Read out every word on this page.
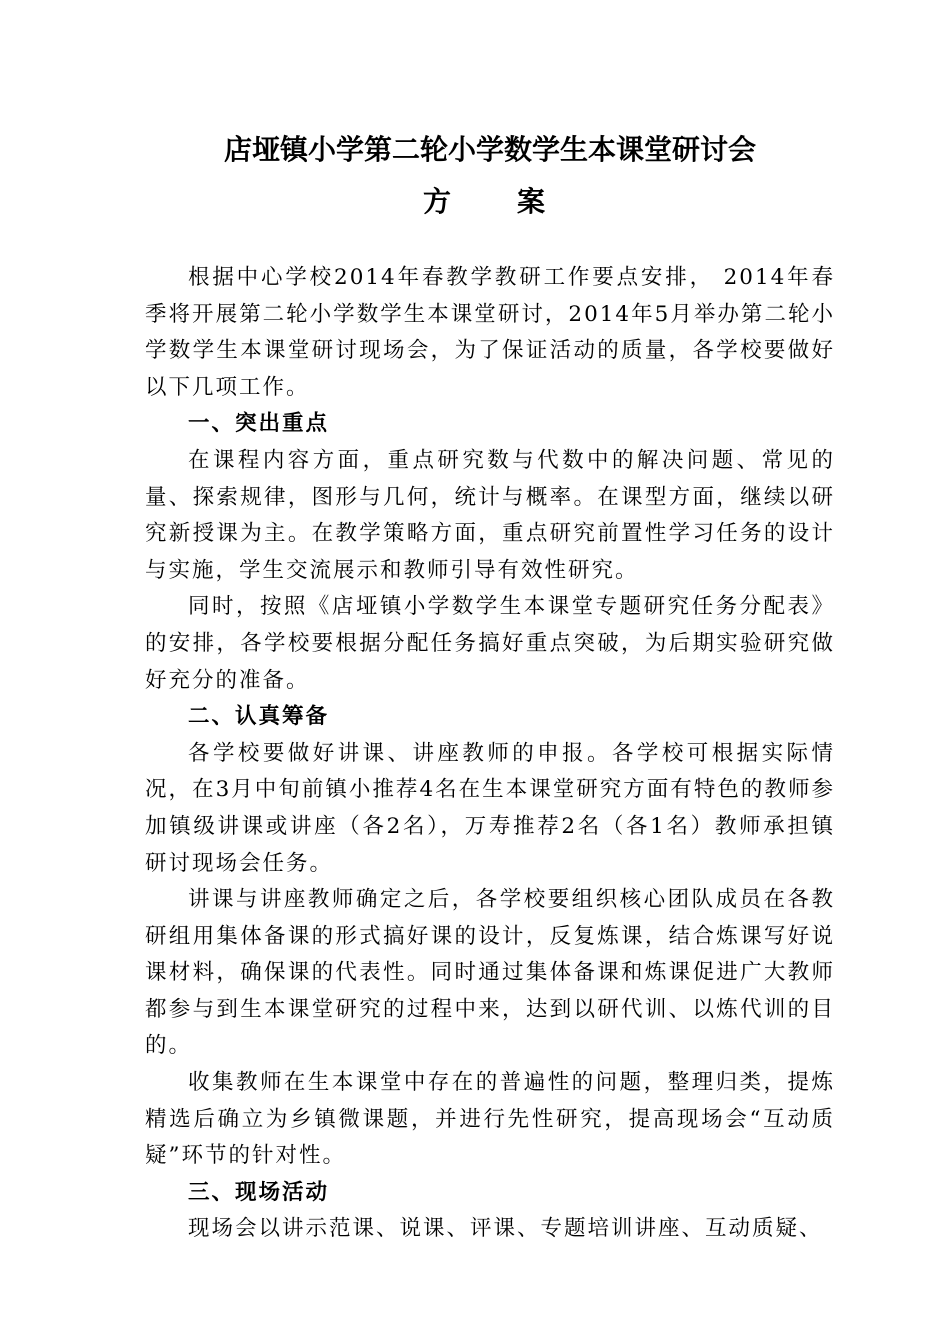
店垭镇小学第二轮小学数学生本课堂研讨会
方案

根据中心学校2014年春教学教研工作要点安排， 2014年春季将开展第二轮小学数学生本课堂研讨，2014年5月举办第二轮小学数学生本课堂研讨现场会，为了保证活动的质量，各学校要做好以下几项工作。

一、突出重点

在课程内容方面，重点研究数与代数中的解决问题、常见的量、探索规律，图形与几何，统计与概率。在课型方面，继续以研究新授课为主。在教学策略方面，重点研究前置性学习任务的设计与实施，学生交流展示和教师引导有效性研究。

同时，按照《店垭镇小学数学生本课堂专题研究任务分配表》的安排，各学校要根据分配任务搞好重点突破，为后期实验研究做好充分的准备。

二、认真筹备

各学校要做好讲课、讲座教师的申报。各学校可根据实际情况，在3月中旬前镇小推荐4名在生本课堂研究方面有特色的教师参加镇级讲课或讲座（各2名），万寿推荐2名（各1名）教师承担镇研讨现场会任务。

讲课与讲座教师确定之后，各学校要组织核心团队成员在各教研组用集体备课的形式搞好课的设计，反复炼课，结合炼课写好说课材料，确保课的代表性。同时通过集体备课和炼课促进广大教师都参与到生本课堂研究的过程中来，达到以研代训、以炼代训的目的。

收集教师在生本课堂中存在的普遍性的问题，整理归类，提炼精选后确立为乡镇微课题，并进行先性研究，提高现场会“互动质疑”环节的针对性。

三、现场活动

现场会以讲示范课、说课、评课、专题培训讲座、互动质疑、
